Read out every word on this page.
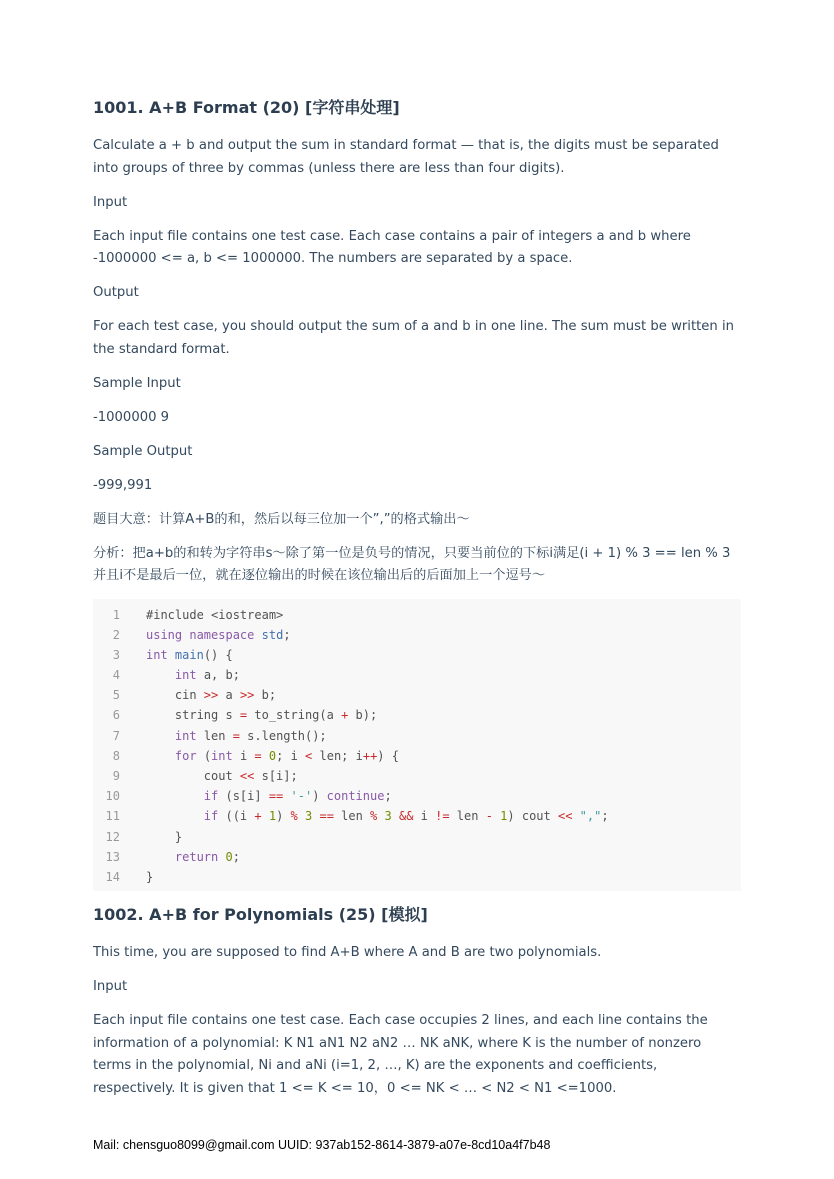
1001. A+B Format (20) [字符串处理]

Calculate a + b and output the sum in standard format — that is, the digits must be separated into groups of three by commas (unless there are less than four digits).

Input

Each input file contains one test case. Each case contains a pair of integers a and b where -1000000 <= a, b <= 1000000. The numbers are separated by a space.

Output

For each test case, you should output the sum of a and b in one line. The sum must be written in the standard format.

Sample Input

-1000000 9

Sample Output

-999,991

题目大意：计算A+B的和，然后以每三位加一个”,”的格式输出～

分析：把a+b的和转为字符串s～除了第一位是负号的情况，只要当前位的下标i满足(i + 1) % 3 == len % 3并且i不是最后一位，就在逐位输出的时候在该位输出后的后面加上一个逗号～

1	#include <iostream>
2	using namespace std;
3	int main() {
4	int a, b;
5	cin >> a >> b;
6	string s = to_string(a + b);
7	int len = s.length();
8	for (int i = 0; i < len; i++) {
9	cout << s[i];
10	if (s[i] == '-') continue;
11	if ((i + 1) % 3 == len % 3 && i != len - 1) cout << ",";
12	}
13	return 0;
14	}
1002. A+B for Polynomials (25) [模拟]

This time, you are supposed to find A+B where A and B are two polynomials.

Input

Each input file contains one test case. Each case occupies 2 lines, and each line contains the information of a polynomial: K N1 aN1 N2 aN2 … NK aNK, where K is the number of nonzero terms in the polynomial, Ni and aNi (i=1, 2, …, K) are the exponents and coefficients, respectively. It is given that 1 <= K <= 10，0 <= NK < … < N2 < N1 <=1000.

Mail: chensguo8099@gmail.com UUID: 937ab152-8614-3879-a07e-8cd10a4f7b48
